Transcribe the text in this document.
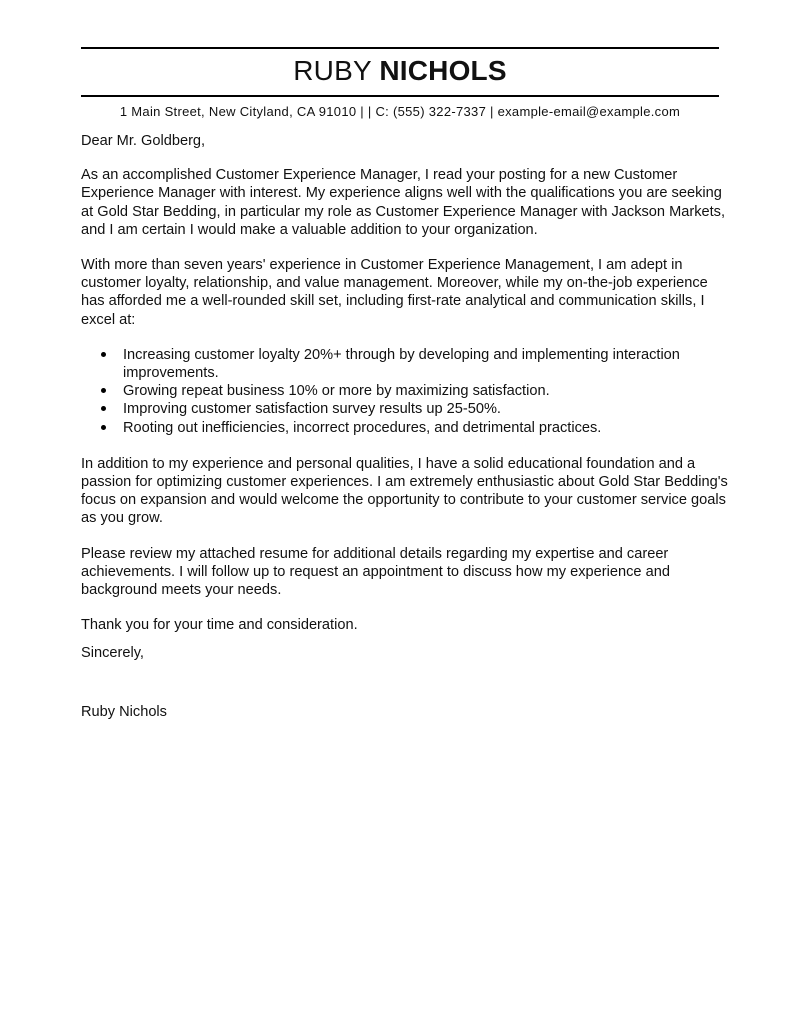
RUBY NICHOLS
1 Main Street, New Cityland, CA 91010 | | C: (555) 322-7337 | example-email@example.com

Dear Mr. Goldberg,

As an accomplished Customer Experience Manager, I read your posting for a new Customer Experience Manager with interest. My experience aligns well with the qualifications you are seeking at Gold Star Bedding, in particular my role as Customer Experience Manager with Jackson Markets, and I am certain I would make a valuable addition to your organization.

With more than seven years' experience in Customer Experience Management, I am adept in customer loyalty, relationship, and value management. Moreover, while my on-the-job experience has afforded me a well-rounded skill set, including first-rate analytical and communication skills, I excel at:

Increasing customer loyalty 20%+ through by developing and implementing interaction improvements.
Growing repeat business 10% or more by maximizing satisfaction.
Improving customer satisfaction survey results up 25-50%.
Rooting out inefficiencies, incorrect procedures, and detrimental practices.

In addition to my experience and personal qualities, I have a solid educational foundation and a passion for optimizing customer experiences. I am extremely enthusiastic about Gold Star Bedding's focus on expansion and would welcome the opportunity to contribute to your customer service goals as you grow.

Please review my attached resume for additional details regarding my expertise and career achievements. I will follow up to request an appointment to discuss how my experience and background meets your needs.

Thank you for your time and consideration.

Sincerely,

Ruby Nichols
